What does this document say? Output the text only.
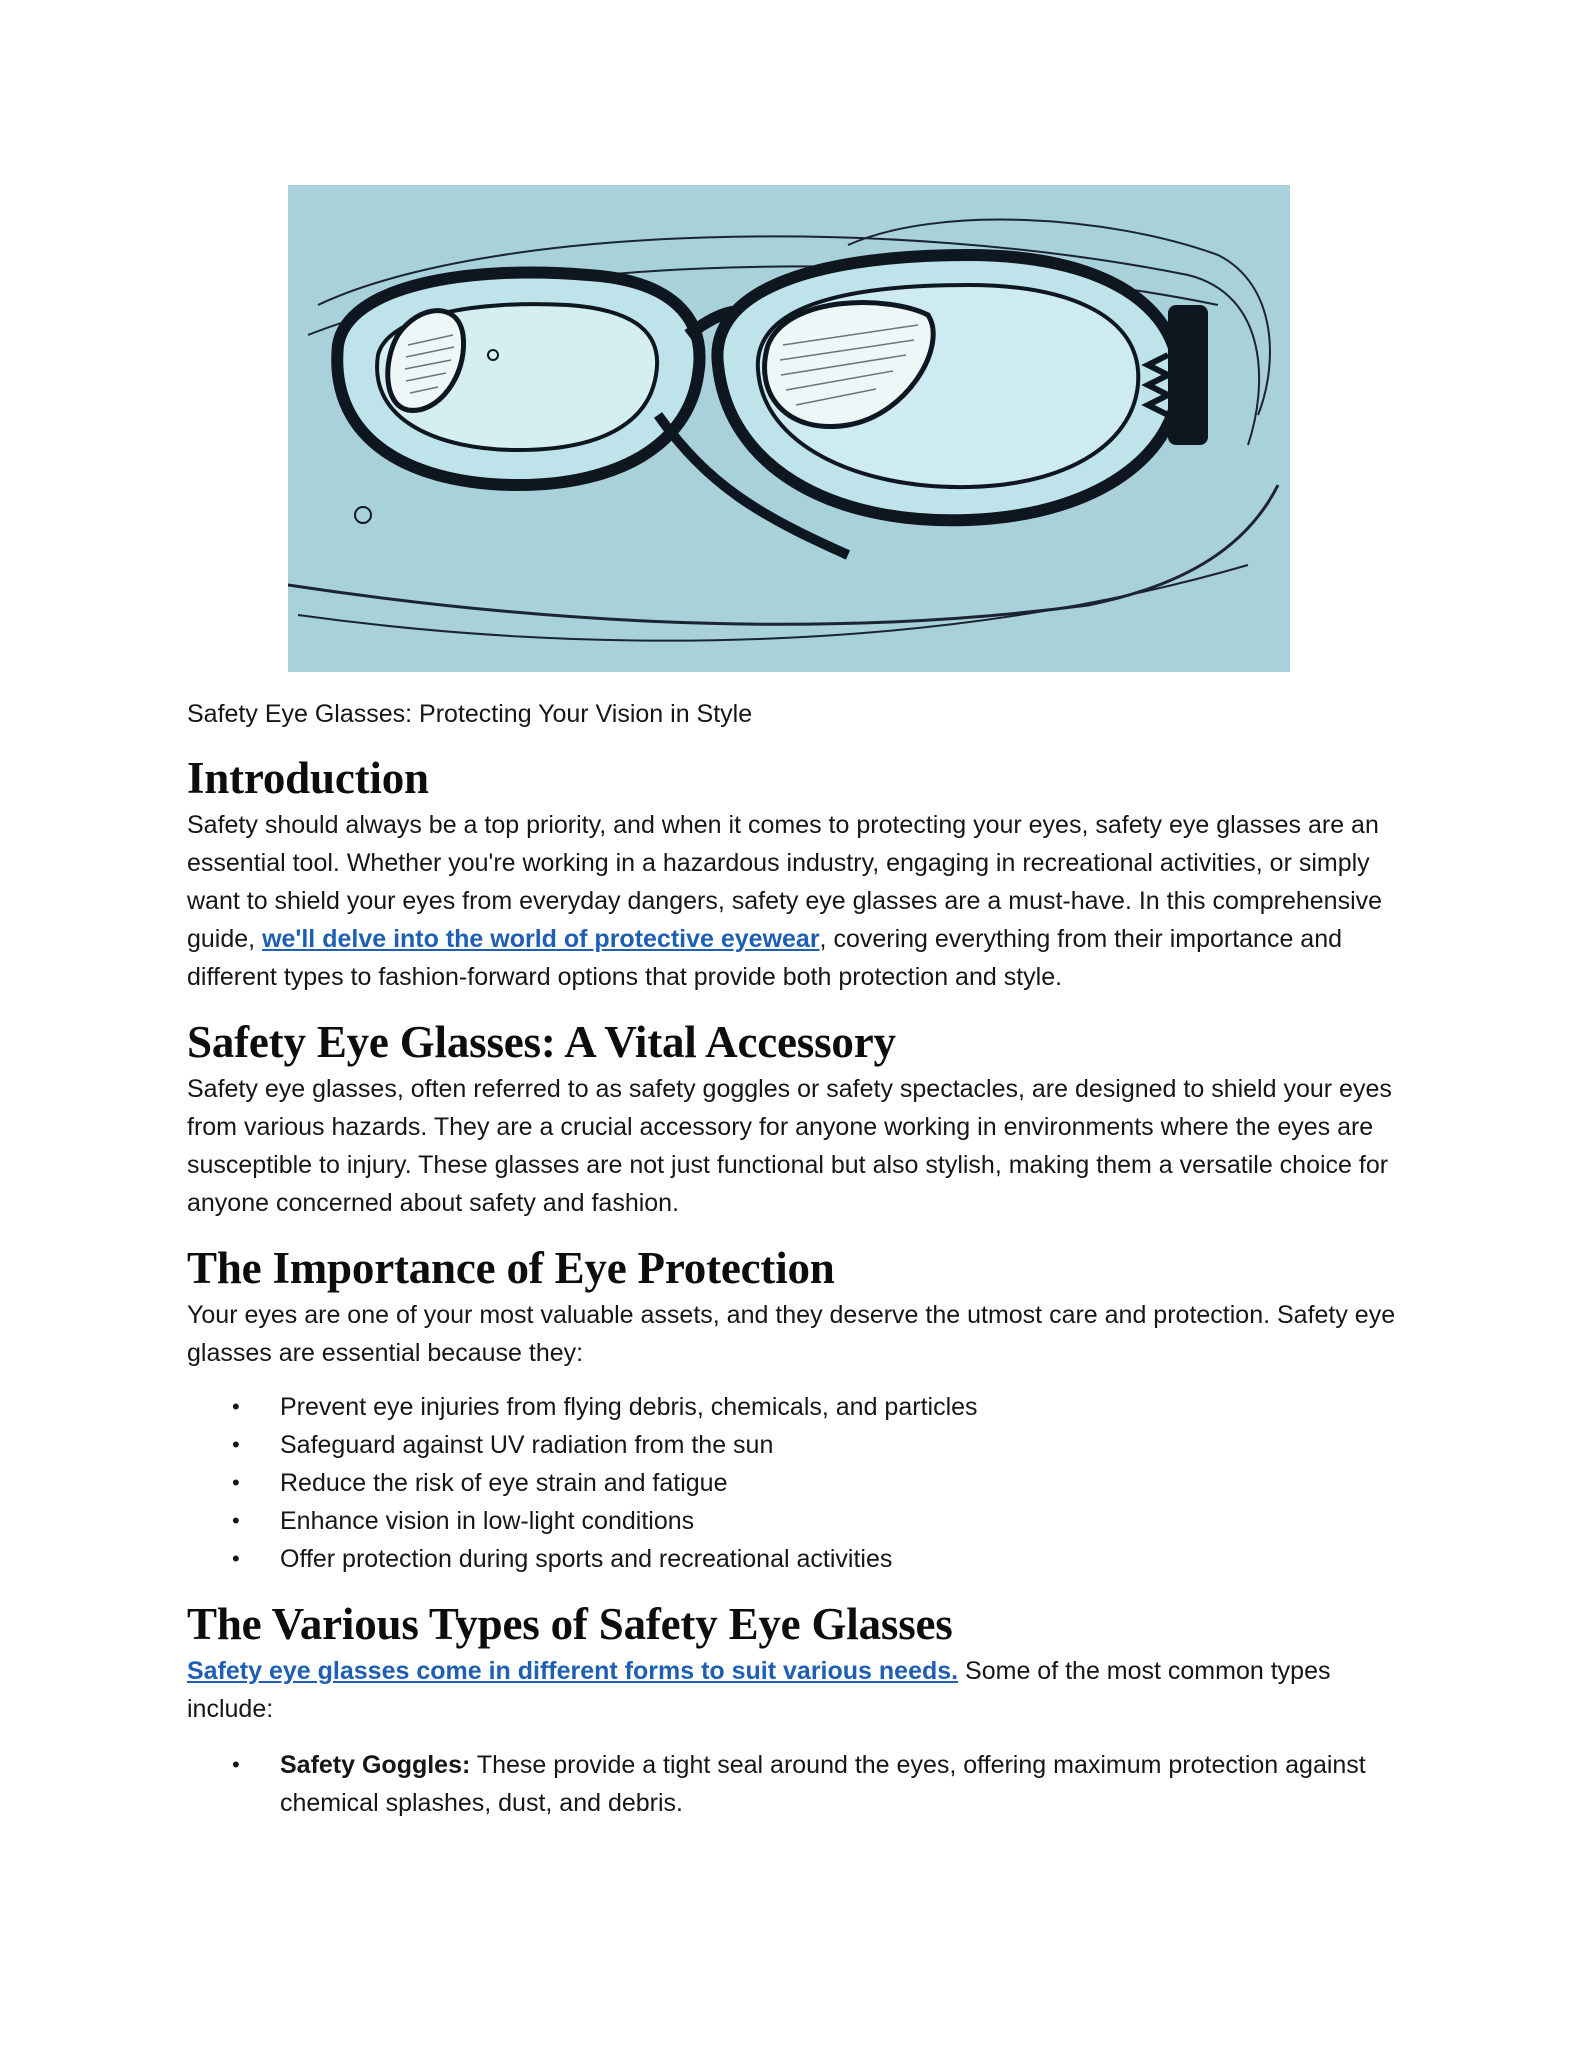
Safety Eye Glasses: Protecting Your Vision in Style
Introduction

Safety should always be a top priority, and when it comes to protecting your eyes, safety eye glasses are an essential tool. Whether you're working in a hazardous industry, engaging in recreational activities, or simply want to shield your eyes from everyday dangers, safety eye glasses are a must-have. In this comprehensive guide, we'll delve into the world of protective eyewear, covering everything from their importance and different types to fashion-forward options that provide both protection and style.

Safety Eye Glasses: A Vital Accessory

Safety eye glasses, often referred to as safety goggles or safety spectacles, are designed to shield your eyes from various hazards. They are a crucial accessory for anyone working in environments where the eyes are susceptible to injury. These glasses are not just functional but also stylish, making them a versatile choice for anyone concerned about safety and fashion.

The Importance of Eye Protection

Your eyes are one of your most valuable assets, and they deserve the utmost care and protection. Safety eye glasses are essential because they:

• Prevent eye injuries from flying debris, chemicals, and particles
• Safeguard against UV radiation from the sun
• Reduce the risk of eye strain and fatigue
• Enhance vision in low-light conditions
• Offer protection during sports and recreational activities
The Various Types of Safety Eye Glasses

Safety eye glasses come in different forms to suit various needs. Some of the most common types include:

• Safety Goggles: These provide a tight seal around the eyes, offering maximum protection against chemical splashes, dust, and debris.
